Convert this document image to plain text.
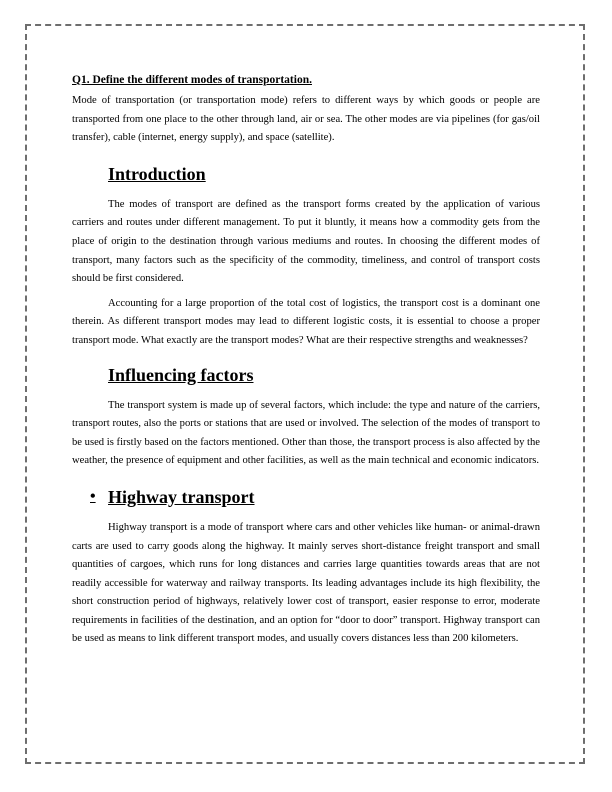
Q1. Define the different modes of transportation.

Mode of transportation (or transportation mode) refers to different ways by which goods or people are transported from one place to the other through land, air or sea. The other modes are via pipelines (for gas/oil transfer), cable (internet, energy supply), and space (satellite).

Introduction

The modes of transport are defined as the transport forms created by the application of various carriers and routes under different management. To put it bluntly, it means how a commodity gets from the place of origin to the destination through various mediums and routes. In choosing the different modes of transport, many factors such as the specificity of the commodity, timeliness, and control of transport costs should be first considered.

Accounting for a large proportion of the total cost of logistics, the transport cost is a dominant one therein. As different transport modes may lead to different logistic costs, it is essential to choose a proper transport mode. What exactly are the transport modes? What are their respective strengths and weaknesses?

Influencing factors

The transport system is made up of several factors, which include: the type and nature of the carriers, transport routes, also the ports or stations that are used or involved. The selection of the modes of transport to be used is firstly based on the factors mentioned. Other than those, the transport process is also affected by the weather, the presence of equipment and other facilities, as well as the main technical and economic indicators.

• Highway transport

Highway transport is a mode of transport where cars and other vehicles like human- or animal-drawn carts are used to carry goods along the highway. It mainly serves short-distance freight transport and small quantities of cargoes, which runs for long distances and carries large quantities towards areas that are not readily accessible for waterway and railway transports. Its leading advantages include its high flexibility, the short construction period of highways, relatively lower cost of transport, easier response to error, moderate requirements in facilities of the destination, and an option for “door to door” transport. Highway transport can be used as means to link different transport modes, and usually covers distances less than 200 kilometers.
